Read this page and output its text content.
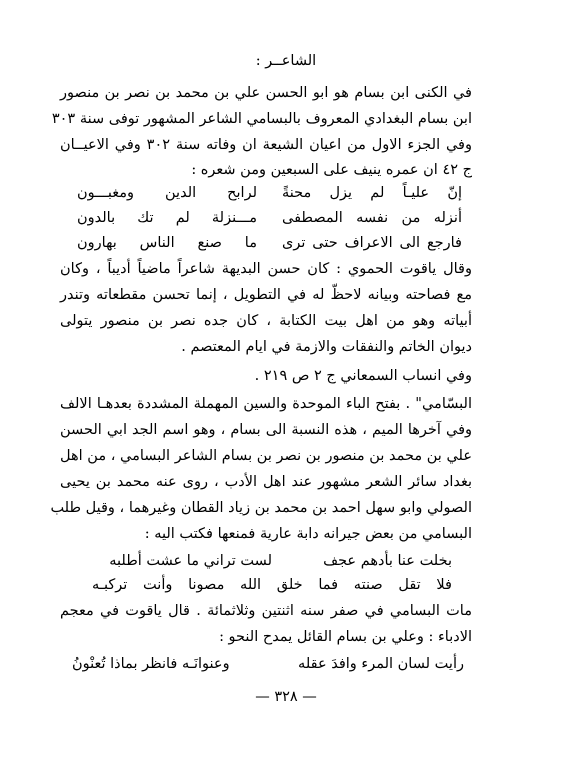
الشاعــر :
في الكنى ابن بسام هو ابو الحسن علي بن محمد بن نصر بن منصور
ابن بسام البغدادي المعروف بالبسامي الشاعر المشهور توفى سنة ٣٠٣
وفي الجزء الاول من اعيان الشيعة ان وفاته سنة ٣٠٢ وفي الاعيــان
ج ٤٢ ان عمره ينيف على السبعين ومن شعره :
إنّ عليـاً لم يزل محنةً
لرابح الدين ومغبـــون
أنزله من نفسه المصطفى
مـــنزلة لم تك بالدون
فارجع الى الاعراف حتى ترى
ما صنع الناس بهارون
وقال ياقوت الحموي : كان حسن البديهة شاعراً ماضياً أديباً ، وكان
مع فصاحته وبيانه لاحظّ له في التطويل ، إنما تحسن مقطعاته وتندر
أبياته وهو من اهل بيت الكتابة ، كان جده نصر بن منصور يتولى
ديوان الخاتم والنفقات والازمة في ايام المعتصم .
وفي انساب السمعاني ج ٢ ص ٢١٩ .
البسّامي" . بفتح الباء الموحدة والسين المهملة المشددة بعدهـا الالف
وفي آخرها الميم ، هذه النسبة الى بسام ، وهو اسم الجد ابي الحسن
علي بن محمد بن منصور بن نصر بن بسام الشاعر البسامي ، من اهل
بغداد سائر الشعر مشهور عند اهل الأدب ، روى عنه محمد بن يحيى
الصولي وابو سهل احمد بن محمد بن زياد القطان وغيرهما ، وقيل طلب
البسامي من بعض جيرانه دابة عارية فمنعها فكتب اليه :
بخلت عنا بأدهم عجف
لست تراني ما عشت أطلبه
فلا تقل صنته فما خلق الله مصونا وأنت تركبـه
مات البسامي في صفر سنه اثنتين وثلاثمائة . قال ياقوت في معجم
الادباء : وعلي بن بسام القائل يمدح النحو :
رأيت لسان المرء وافدَ عقله
وعنوانَـه فانظر بماذا تُعنْونُ
— ٣٢٨ —
